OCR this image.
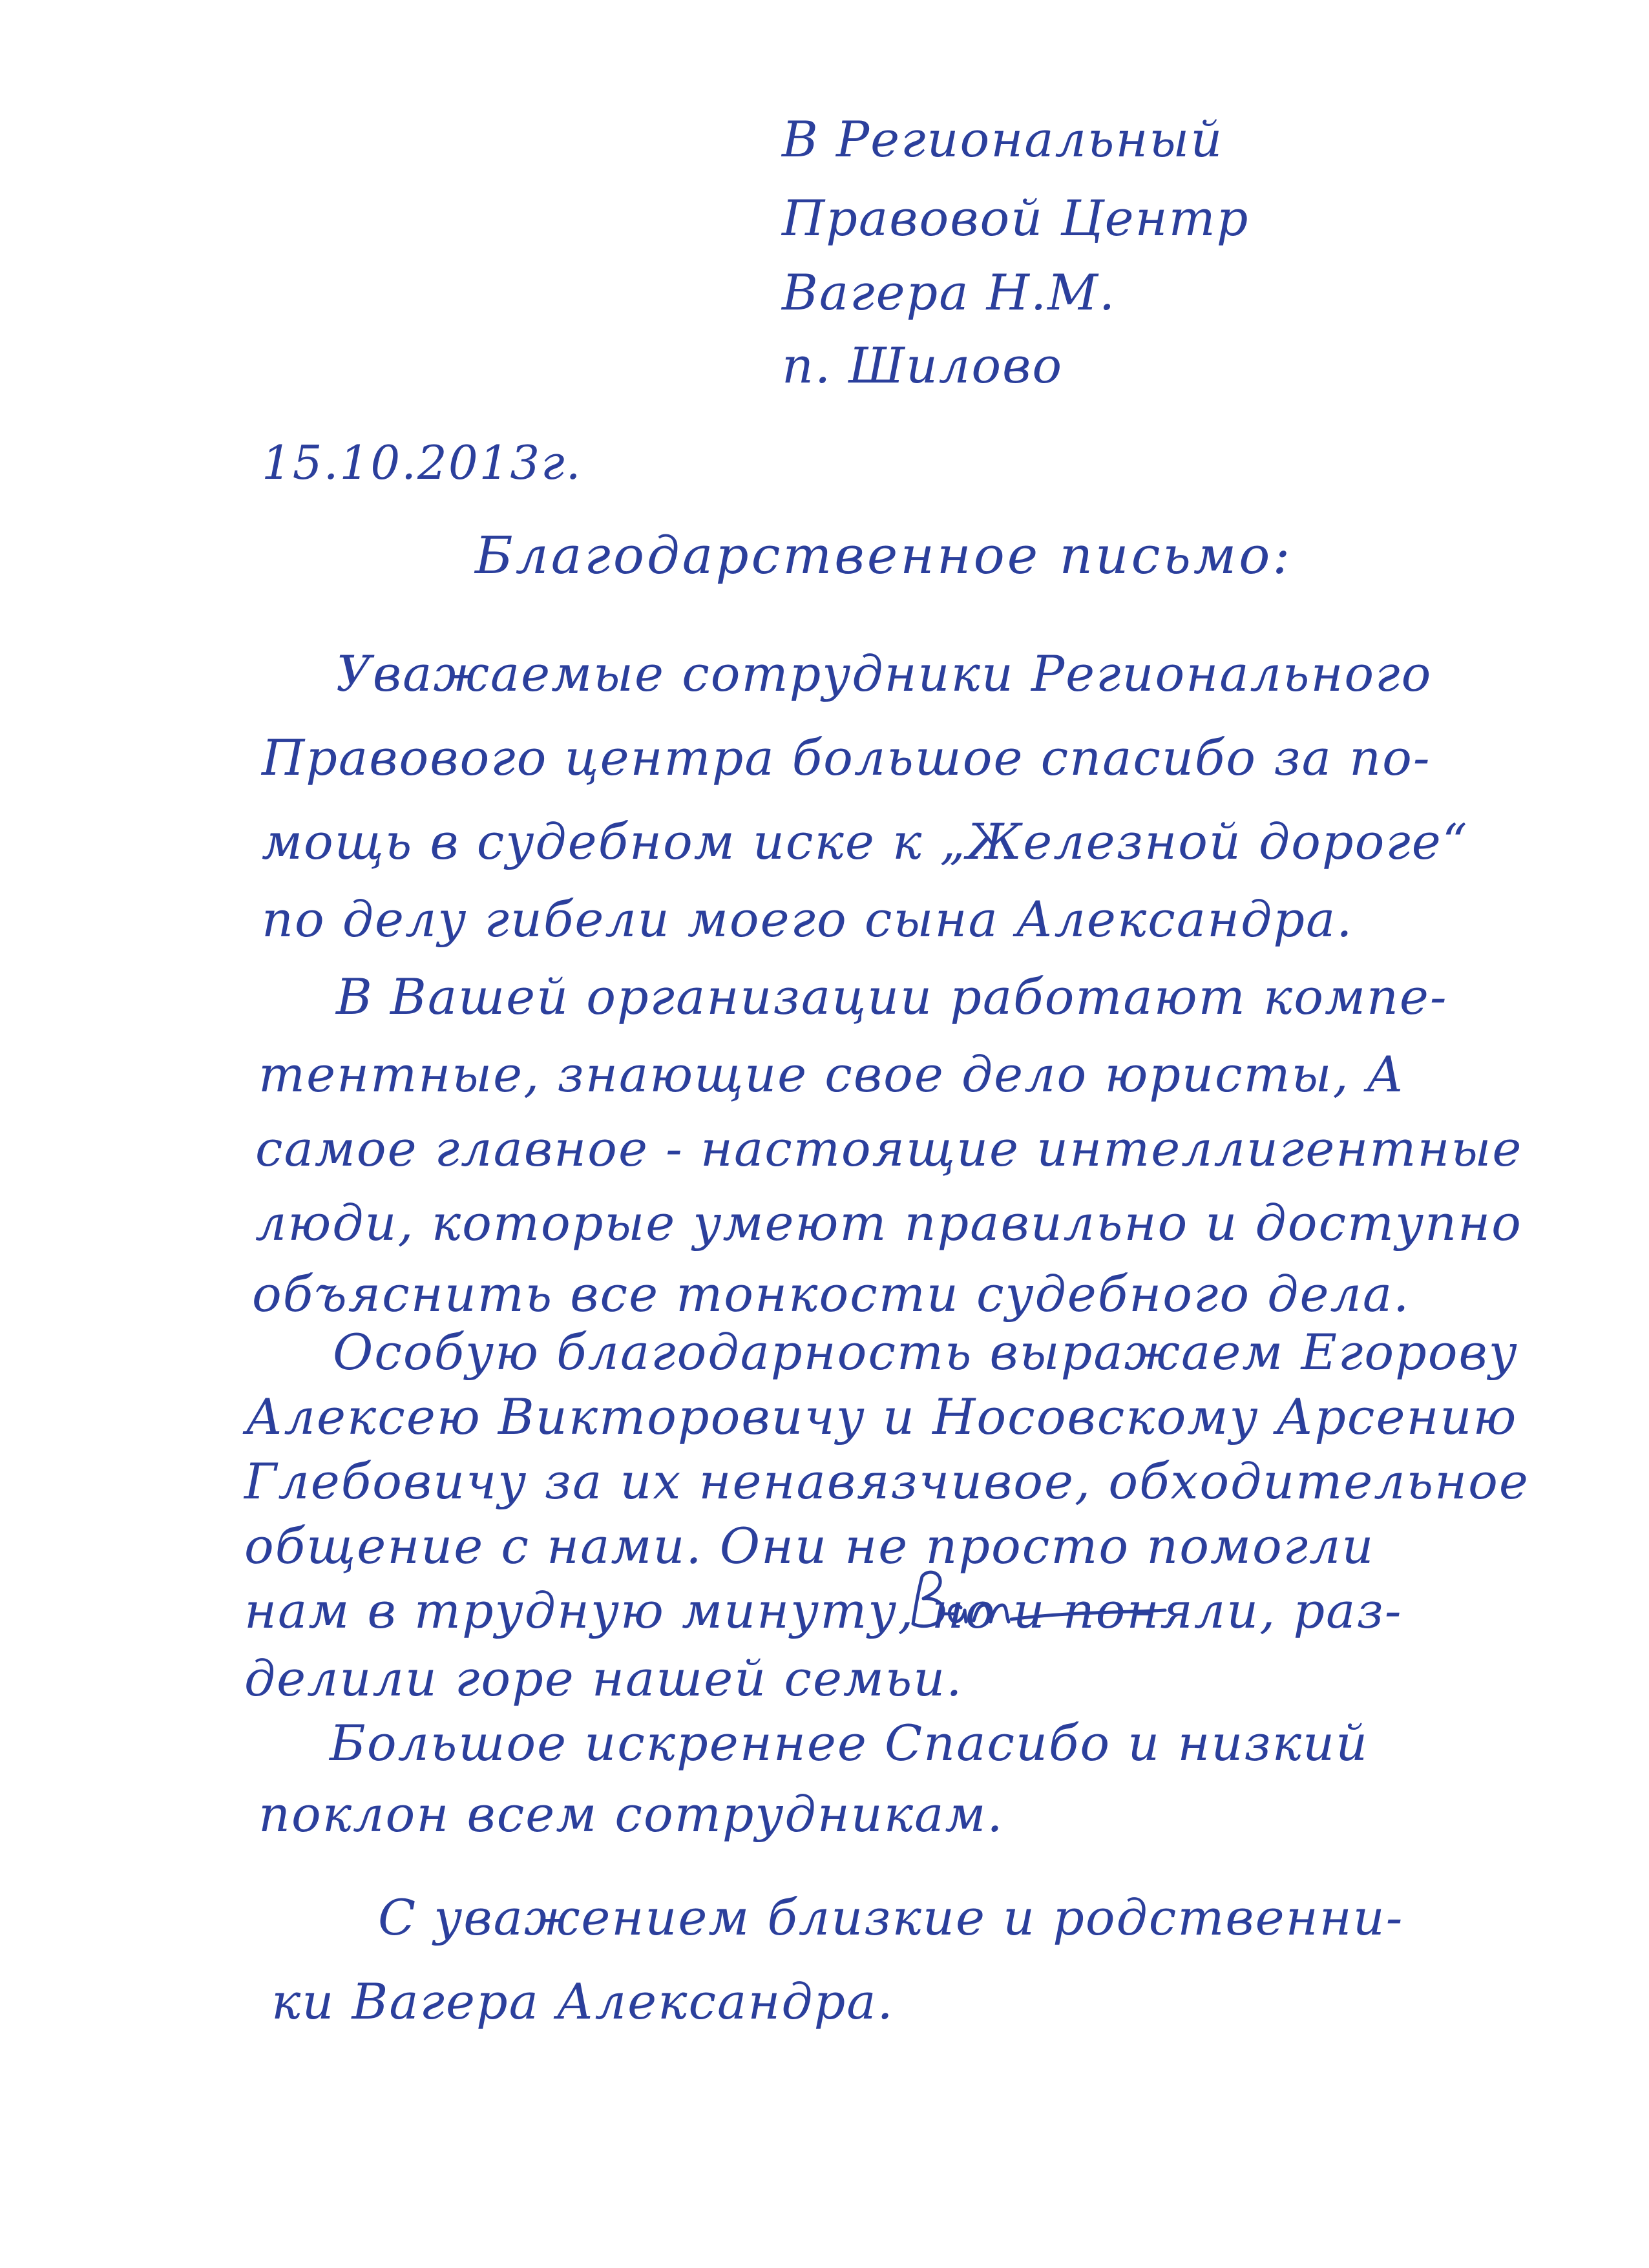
В Региональный

Правовой Центр

Вагера Н.М.

п. Шилово

15.10.2013г.

Благодарственное письмо:

Уважаемые сотрудники Регионального

Правового центра большое спасибо за по-

мощь в судебном иске к „Железной дороге“

по делу гибели моего сына Александра.

В Вашей организации работают компе-

тентные, знающие свое дело юристы, А

самое главное - настоящие интеллигентные

люди, которые умеют правильно и доступно

объяснить все тонкости судебного дела.

Особую благодарность выражаем Егорову

Алексею Викторовичу и Носовскому Арсению

Глебовичу за их ненавязчивое, обходительное

общение с нами. Они не просто помогли

нам в трудную минуту, но и поняли, раз-

делили горе нашей семьи.

Большое искреннее Спасибо и низкий

поклон всем сотрудникам.

С уважением близкие и родственни-

ки Вагера Александра.
